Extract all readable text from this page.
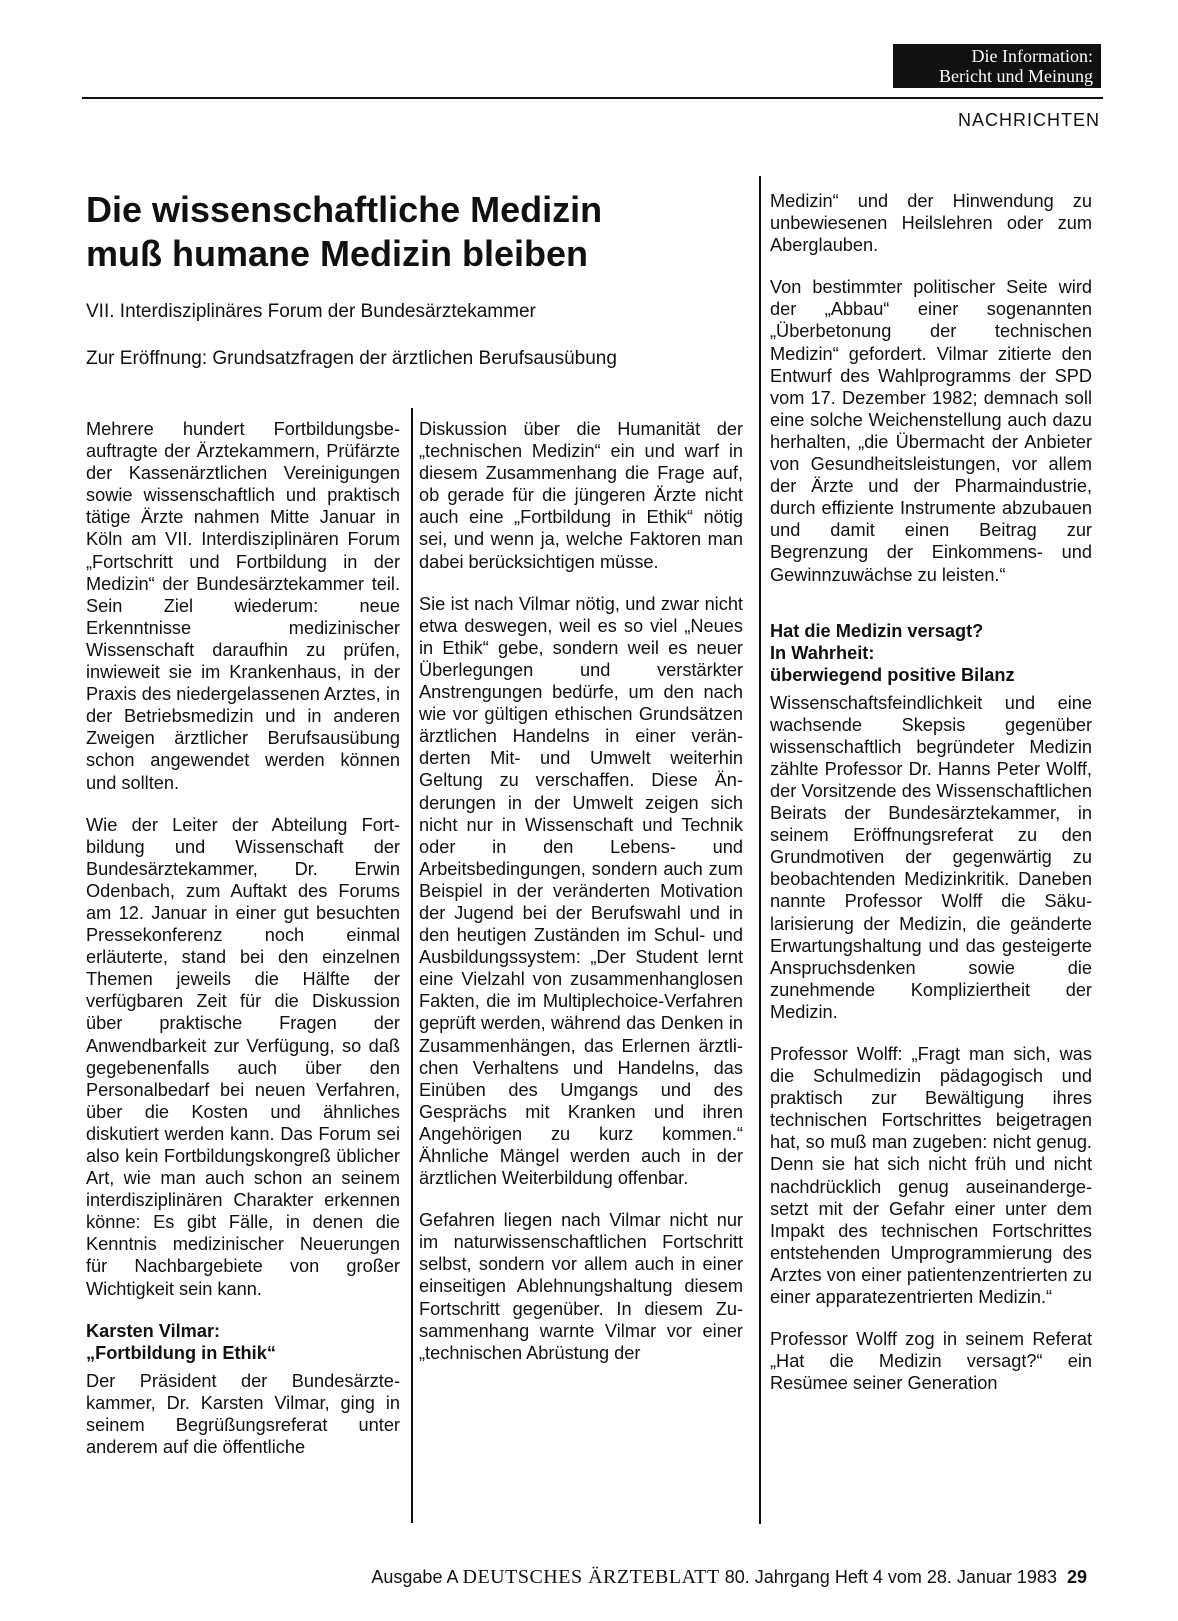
Die Information:
Bericht und Meinung
NACHRICHTEN
Die wissenschaftliche Medizin
muß humane Medizin bleiben

VII. Interdisziplinäres Forum der Bundesärztekammer

Zur Eröffnung: Grundsatzfragen der ärztlichen Berufsausübung

Mehrere hundert Fortbildungsbeauftragte der Ärztekammern, Prüfärzte der Kassenärztlichen Vereinigungen sowie wissenschaftlich und praktisch tätige Ärzte nahmen Mitte Januar in Köln am VII. Interdisziplinären Forum „Fortschritt und Fortbildung in der Medizin“ der Bundesärztekammer teil. Sein Ziel wiederum: neue Erkenntnisse medizinischer Wissenschaft daraufhin zu prüfen, inwieweit sie im Krankenhaus, in der Praxis des niedergelassenen Arztes, in der Betriebsmedizin und in anderen Zweigen ärztlicher Berufsausübung schon angewendet werden können und sollten.

Wie der Leiter der Abteilung Fortbildung und Wissenschaft der Bundesärztekammer, Dr. Erwin Odenbach, zum Auftakt des Forums am 12. Januar in einer gut besuchten Pressekonferenz noch einmal erläuterte, stand bei den einzelnen Themen jeweils die Hälfte der verfügbaren Zeit für die Diskussion über praktische Fragen der Anwendbarkeit zur Verfügung, so daß gegebenenfalls auch über den Personalbedarf bei neuen Verfahren, über die Kosten und ähnliches diskutiert werden kann. Das Forum sei also kein Fortbildungskongreß üblicher Art, wie man auch schon an seinem interdisziplinären Charakter erkennen könne: Es gibt Fälle, in denen die Kenntnis medizinischer Neuerungen für Nachbargebiete von großer Wichtigkeit sein kann.

Karsten Vilmar:
„Fortbildung in Ethik“

Der Präsident der Bundesärztekammer, Dr. Karsten Vilmar, ging in seinem Begrüßungsreferat unter anderem auf die öffentliche

Diskussion über die Humanität der „technischen Medizin“ ein und warf in diesem Zusammenhang die Frage auf, ob gerade für die jüngeren Ärzte nicht auch eine „Fortbildung in Ethik“ nötig sei, und wenn ja, welche Faktoren man dabei berücksichtigen müsse.

Sie ist nach Vilmar nötig, und zwar nicht etwa deswegen, weil es so viel „Neues in Ethik“ gebe, sondern weil es neuer Überlegungen und verstärkter Anstrengungen bedürfe, um den nach wie vor gültigen ethischen Grundsätzen ärztlichen Handelns in einer veränderten Mit- und Umwelt weiterhin Geltung zu verschaffen. Diese Änderungen in der Umwelt zeigen sich nicht nur in Wissenschaft und Technik oder in den Lebens- und Arbeitsbedingungen, sondern auch zum Beispiel in der veränderten Motivation der Jugend bei der Berufswahl und in den heutigen Zuständen im Schul- und Ausbildungssystem: „Der Student lernt eine Vielzahl von zusammenhanglosen Fakten, die im Multiplechoice-Verfahren geprüft werden, während das Denken in Zusammenhängen, das Erlernen ärztlichen Verhaltens und Handelns, das Einüben des Umgangs und des Gesprächs mit Kranken und ihren Angehörigen zu kurz kommen.“ Ähnliche Mängel werden auch in der ärztlichen Weiterbildung offenbar.

Gefahren liegen nach Vilmar nicht nur im naturwissenschaftlichen Fortschritt selbst, sondern vor allem auch in einer einseitigen Ablehnungshaltung diesem Fortschritt gegenüber. In diesem Zusammenhang warnte Vilmar vor einer „technischen Abrüstung der

Medizin“ und der Hinwendung zu unbewiesenen Heilslehren oder zum Aberglauben.

Von bestimmter politischer Seite wird der „Abbau“ einer sogenannten „Überbetonung der technischen Medizin“ gefordert. Vilmar zitierte den Entwurf des Wahlprogramms der SPD vom 17. Dezember 1982; demnach soll eine solche Weichenstellung auch dazu herhalten, „die Übermacht der Anbieter von Gesundheitsleistungen, vor allem der Ärzte und der Pharmaindustrie, durch effiziente Instrumente abzubauen und damit einen Beitrag zur Begrenzung der Einkommens- und Gewinnzuwächse zu leisten.“

Hat die Medizin versagt?
In Wahrheit:
überwiegend positive Bilanz

Wissenschaftsfeindlichkeit und eine wachsende Skepsis gegenüber wissenschaftlich begründeter Medizin zählte Professor Dr. Hanns Peter Wolff, der Vorsitzende des Wissenschaftlichen Beirats der Bundesärztekammer, in seinem Eröffnungsreferat zu den Grundmotiven der gegenwärtig zu beobachtenden Medizinkritik. Daneben nannte Professor Wolff die Säkularisierung der Medizin, die geänderte Erwartungshaltung und das gesteigerte Anspruchsdenken sowie die zunehmende Kompliziertheit der Medizin.

Professor Wolff: „Fragt man sich, was die Schulmedizin pädagogisch und praktisch zur Bewältigung ihres technischen Fortschrittes beigetragen hat, so muß man zugeben: nicht genug. Denn sie hat sich nicht früh und nicht nachdrücklich genug auseinandergesetzt mit der Gefahr einer unter dem Impakt des technischen Fortschrittes entstehenden Umprogrammierung des Arztes von einer patientenzentrierten zu einer apparatezentrierten Medizin.“

Professor Wolff zog in seinem Referat „Hat die Medizin versagt?“ ein Resümee seiner Generation

Ausgabe A DEUTSCHES ÄRZTEBLATT 80. Jahrgang Heft 4 vom 28. Januar 1983 29
